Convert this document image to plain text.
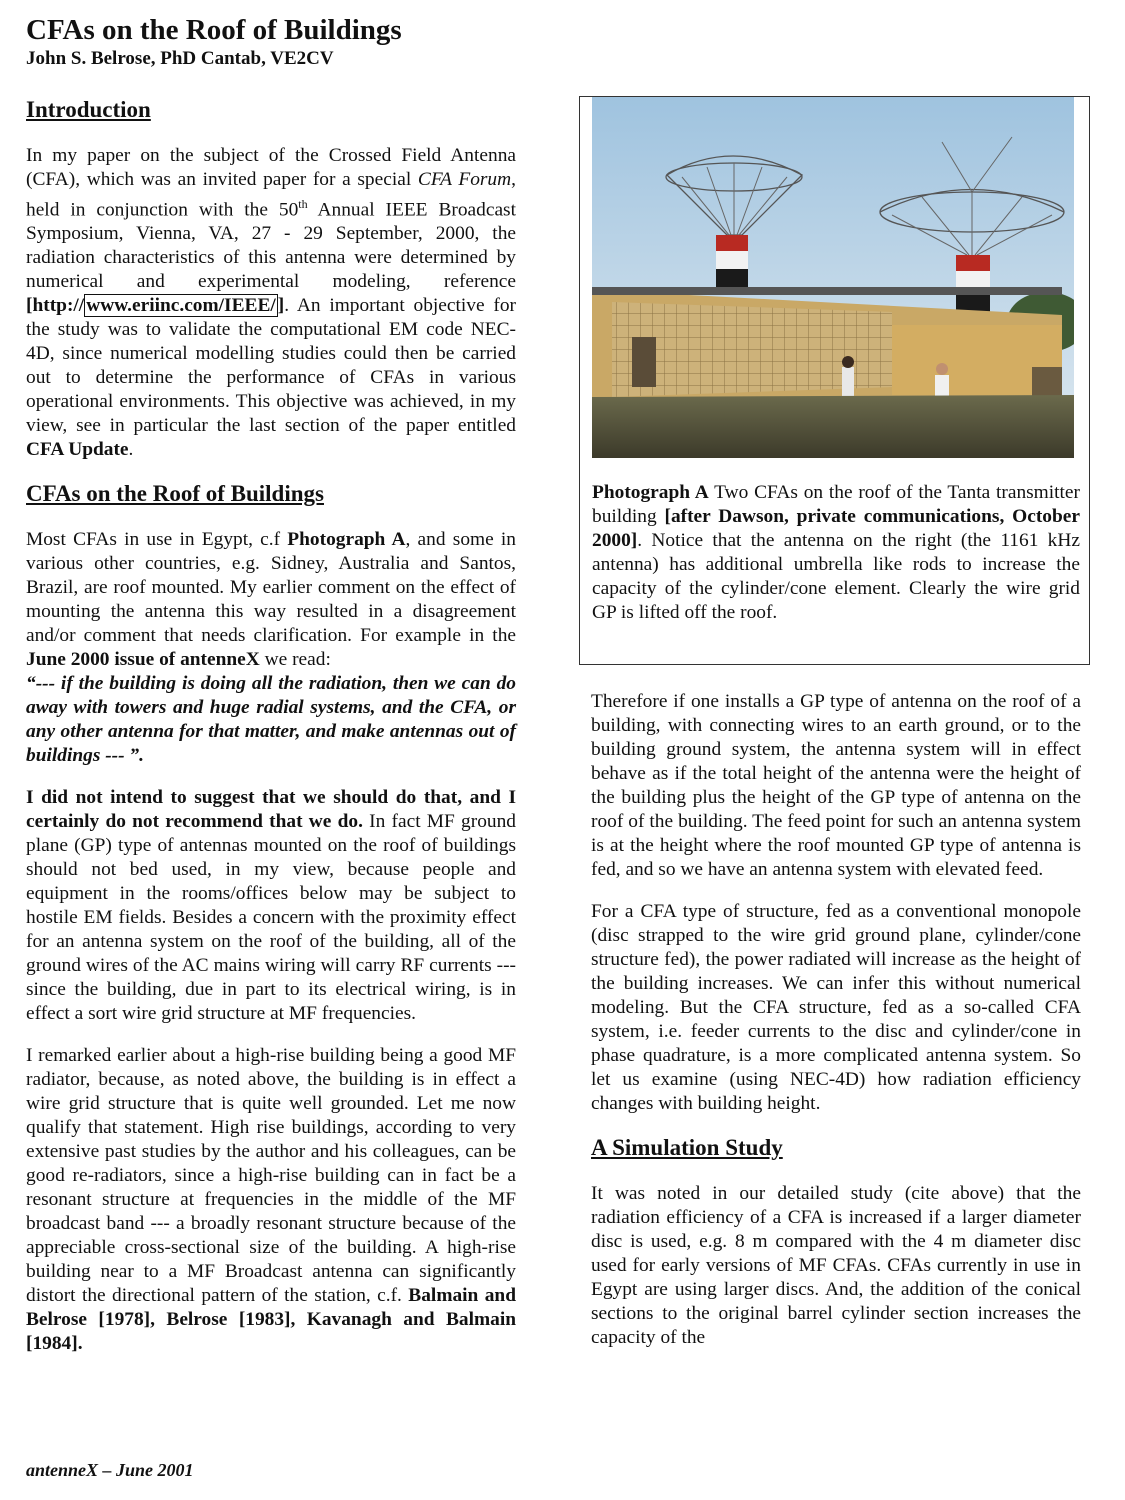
CFAs on the Roof of Buildings
John S. Belrose, PhD Cantab, VE2CV
Introduction

In my paper on the subject of the Crossed Field Antenna (CFA), which was an invited paper for a special CFA Forum, held in conjunction with the 50th Annual IEEE Broadcast Symposium, Vienna, VA, 27 - 29 September, 2000, the radiation characteristics of this antenna were determined by numerical and experimental modeling, reference [http:// www.eriinc.com/IEEE/ ]. An important objective for the study was to validate the computational EM code NEC-4D, since numerical modelling studies could then be carried out to determine the performance of CFAs in various operational environments. This objective was achieved, in my view, see in particular the last section of the paper entitled CFA Update.

CFAs on the Roof of Buildings

Most CFAs in use in Egypt, c.f Photograph A, and some in various other countries, e.g. Sidney, Australia and Santos, Brazil, are roof mounted. My earlier comment on the effect of mounting the antenna this way resulted in a disagreement and/or comment that needs clarification. For example in the June 2000 issue of antenneX we read:

“--- if the building is doing all the radiation, then we can do away with towers and huge radial systems, and the CFA, or any other antenna for that matter, and make antennas out of buildings --- ”.

I did not intend to suggest that we should do that, and I certainly do not recommend that we do. In fact MF ground plane (GP) type of antennas mounted on the roof of buildings should not bed used, in my view, because people and equipment in the rooms/offices below may be subject to hostile EM fields. Besides a concern with the proximity effect for an antenna system on the roof of the building, all of the ground wires of the AC mains wiring will carry RF currents --- since the building, due in part to its electrical wiring, is in effect a sort wire grid structure at MF frequencies.

I remarked earlier about a high-rise building being a good MF radiator, because, as noted above, the building is in effect a wire grid structure that is quite well grounded. Let me now qualify that statement. High rise buildings, according to very extensive past studies by the author and his colleagues, can be good re-radiators, since a high-rise building can in fact be a resonant structure at frequencies in the middle of the MF broadcast band --- a broadly resonant structure because of the appreciable cross-sectional size of the building. A high-rise building near to a MF Broadcast antenna can significantly distort the directional pattern of the station, c.f. Balmain and Belrose [1978], Belrose [1983], Kavanagh and Balmain [1984].

Photograph A Two CFAs on the roof of the Tanta transmitter building [after Dawson, private communications, October 2000]. Notice that the antenna on the right (the 1161 kHz antenna) has additional umbrella like rods to increase the capacity of the cylinder/cone element. Clearly the wire grid GP is lifted off the roof.

Therefore if one installs a GP type of antenna on the roof of a building, with connecting wires to an earth ground, or to the building ground system, the antenna system will in effect behave as if the total height of the antenna were the height of the building plus the height of the GP type of antenna on the roof of the building. The feed point for such an antenna system is at the height where the roof mounted GP type of antenna is fed, and so we have an antenna system with elevated feed.

For a CFA type of structure, fed as a conventional monopole (disc strapped to the wire grid ground plane, cylinder/cone structure fed), the power radiated will increase as the height of the building increases. We can infer this without numerical modeling. But the CFA structure, fed as a so-called CFA system, i.e. feeder currents to the disc and cylinder/cone in phase quadrature, is a more complicated antenna system. So let us examine (using NEC-4D) how radiation efficiency changes with building height.

A Simulation Study

It was noted in our detailed study (cite above) that the radiation efficiency of a CFA is increased if a larger diameter disc is used, e.g. 8 m compared with the 4 m diameter disc used for early versions of MF CFAs. CFAs currently in use in Egypt are using larger discs. And, the addition of the conical sections to the original barrel cylinder section increases the capacity of the

antenneX – June 2001
